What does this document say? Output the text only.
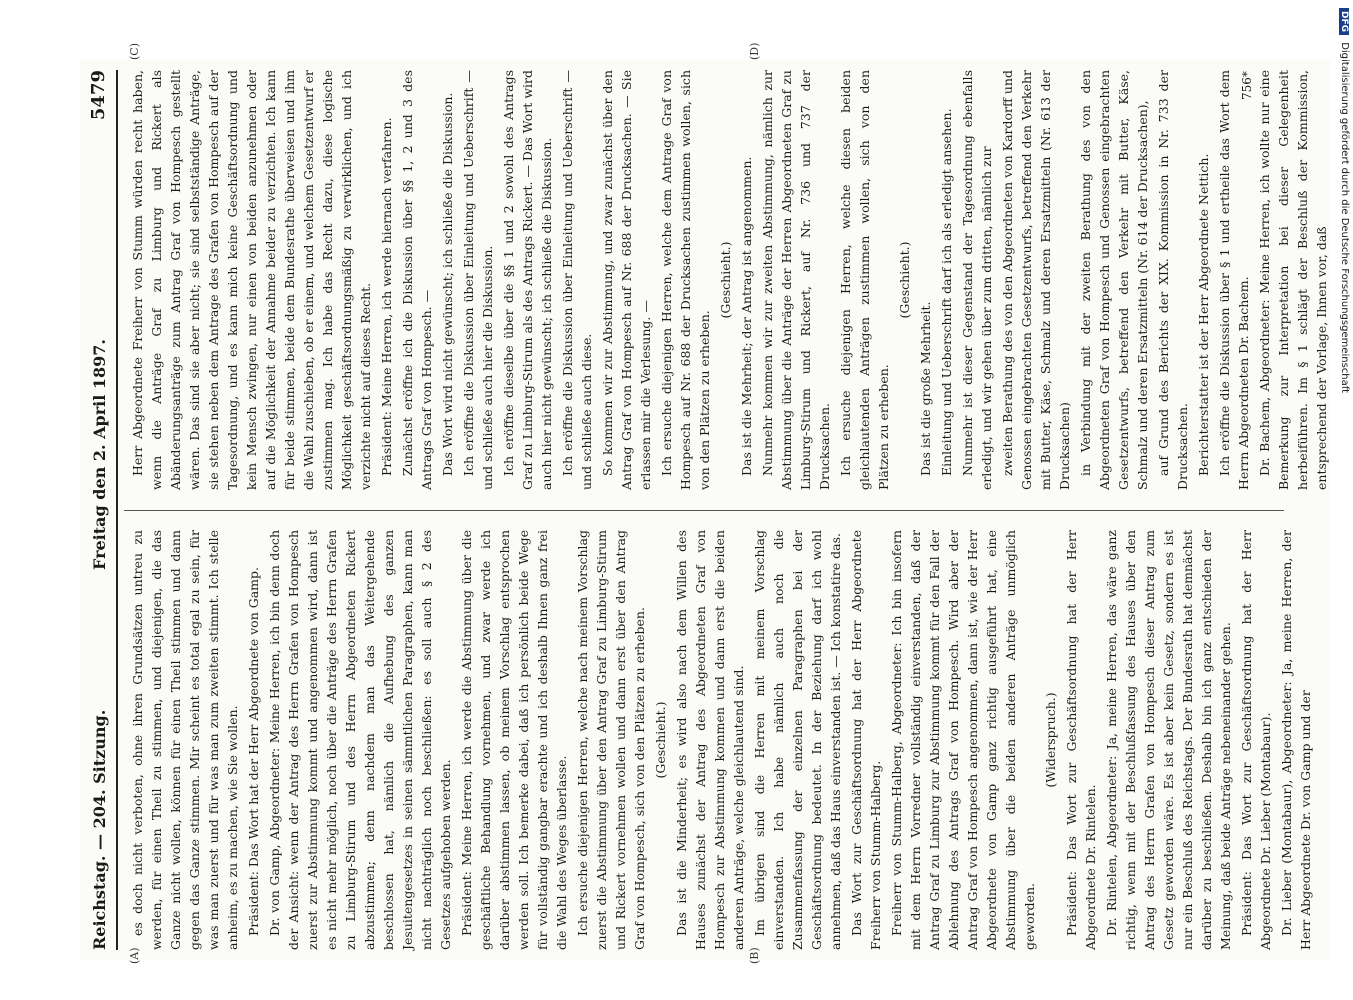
Reichstag. — 204. Sitzung.
Freitag den 2. April 1897.
5479
(A)	(B)
(C)	(D)

es doch nicht verboten, ohne ihren Grundsätzen untreu zu werden, für einen Theil zu stimmen, und diejenigen, die das Ganze nicht wollen, können für einen Theil stimmen und dann gegen das Ganze stimmen. Mir scheint es total egal zu sein, für was man zuerst und für was man zum zweiten stimmt. Ich stelle anheim, es zu machen, wie Sie wollen. Präsident: Das Wort hat der Herr Abgeordnete von Gamp. Dr. von Gamp, Abgeordneter: Meine Herren, ich bin denn doch der Ansicht: wenn der Antrag des Herrn Grafen von Hompesch zuerst zur Abstimmung kommt und angenommen wird, dann ist es nicht mehr möglich, noch über die Anträge des Herrn Grafen zu Limburg-Stirum und des Herrn Abgeordneten Rickert abzustimmen; denn nachdem man das Weitergehende beschlossen hat, nämlich die Aufhebung des ganzen Jesuitengesetzes in seinen sämmtlichen Paragraphen, kann man nicht nachträglich noch beschließen: es soll auch § 2 des Gesetzes aufgehoben werden. Präsident: Meine Herren, ich werde die Abstimmung über die geschäftliche Behandlung vornehmen, und zwar werde ich darüber abstimmen lassen, ob meinem Vorschlag entsprochen werden soll. Ich bemerke dabei, daß ich persönlich beide Wege für vollständig gangbar erachte und ich deshalb Ihnen ganz frei die Wahl des Weges überlasse. Ich ersuche diejenigen Herren, welche nach meinem Vorschlag zuerst die Abstimmung über den Antrag Graf zu Limburg-Stirum und Rickert vornehmen wollen und dann erst über den Antrag Graf von Hompesch, sich von den Plätzen zu erheben. (Geschieht.) Das ist die Minderheit; es wird also nach dem Willen des Hauses zunächst der Antrag des Abgeordneten Graf von Hompesch zur Abstimmung kommen und dann erst die beiden anderen Anträge, welche gleichlautend sind. Im übrigen sind die Herren mit meinem Vorschlag einverstanden. Ich habe nämlich auch noch die Zusammenfassung der einzelnen Paragraphen bei der Geschäftsordnung bedeutet. In der Beziehung darf ich wohl annehmen, daß das Haus einverstanden ist. — Ich konstatire das. Das Wort zur Geschäftsordnung hat der Herr Abgeordnete Freiherr von Stumm-Halberg. Freiherr von Stumm-Halberg, Abgeordneter: Ich bin insofern mit dem Herrn Vorredner vollständig einverstanden, daß der Antrag Graf zu Limburg zur Abstimmung kommt für den Fall der Ablehnung des Antrags Graf von Hompesch. Wird aber der Antrag Graf von Hompesch angenommen, dann ist, wie der Herr Abgeordnete von Gamp ganz richtig ausgeführt hat, eine Abstimmung über die beiden anderen Anträge unmöglich geworden.

(Widerspruch.) Präsident: Das Wort zur Geschäftsordnung hat der Herr Abgeordnete Dr. Rintelen. Dr. Rintelen, Abgeordneter: Ja, meine Herren, das wäre ganz richtig, wenn mit der Beschlußfassung des Hauses über den Antrag des Herrn Grafen von Hompesch dieser Antrag zum Gesetz geworden wäre. Es ist aber kein Gesetz, sondern es ist nur ein Beschluß des Reichstags. Der Bundesrath hat demnächst darüber zu beschließen. Deshalb bin ich ganz entschieden der Meinung, daß beide Anträge nebeneinander gehen. Präsident: Das Wort zur Geschäftsordnung hat der Herr Abgeordnete Dr. Lieber (Montabaur). Dr. Lieber (Montabaur), Abgeordneter: Ja, meine Herren, der Herr Abgeordnete Dr. von Gamp und der

Herr Abgeordnete Freiherr von Stumm würden recht haben, wenn die Anträge Graf zu Limburg und Rickert als Abänderungsanträge zum Antrag Graf von Hompesch gestellt wären. Das sind sie aber nicht; sie sind selbstständige Anträge, sie stehen neben dem Antrage des Grafen von Hompesch auf der Tagesordnung, und es kann mich keine Geschäftsordnung und kein Mensch zwingen, nur einen von beiden anzunehmen oder auf die Möglichkeit der Annahme beider zu verzichten. Ich kann für beide stimmen, beide dem Bundesrathe überweisen und ihm die Wahl zuschieben, ob er einem, und welchem Gesetzentwurf er zustimmen mag. Ich habe das Recht dazu, diese logische Möglichkeit geschäftsordnungsmäßig zu verwirklichen, und ich verzichte nicht auf dieses Recht. Präsident: Meine Herren, ich werde hiernach verfahren. Zunächst eröffne ich die Diskussion über §§ 1, 2 und 3 des Antrags Graf von Hompesch. — Das Wort wird nicht gewünscht; ich schließe die Diskussion. Ich eröffne die Diskussion über Einleitung und Ueberschrift — und schließe auch hier die Diskussion. Ich eröffne dieselbe über die §§ 1 und 2 sowohl des Antrags Graf zu Limburg-Stirum als des Antrags Rickert. — Das Wort wird auch hier nicht gewünscht; ich schließe die Diskussion. Ich eröffne die Diskussion über Einleitung und Ueberschrift — und schließe auch diese. So kommen wir zur Abstimmung, und zwar zunächst über den Antrag Graf von Hompesch auf Nr. 688 der Drucksachen. — Sie erlassen mir die Verlesung. — Ich ersuche diejenigen Herren, welche dem Antrage Graf von Hompesch auf Nr. 688 der Drucksachen zustimmen wollen, sich von den Plätzen zu erheben.

(Geschieht.) Das ist die Mehrheit; der Antrag ist angenommen. Nunmehr kommen wir zur zweiten Abstimmung, nämlich zur Abstimmung über die Anträge der Herren Abgeordneten Graf zu Limburg-Stirum und Rickert, auf Nr. 736 und 737 der Drucksachen. Ich ersuche diejenigen Herren, welche diesen beiden gleichlautenden Anträgen zustimmen wollen, sich von den Plätzen zu erheben.

(Geschieht.)

Das ist die große Mehrheit. Einleitung und Ueberschrift darf ich als erledigt ansehen. Nunmehr ist dieser Gegenstand der Tagesordnung ebenfalls erledigt, und wir gehen über zum dritten, nämlich zur zweiten Berathung des von den Abgeordneten von Kardorff und Genossen eingebrachten Gesetzentwurfs, betreffend den Verkehr mit Butter, Käse, Schmalz und deren Ersatzmitteln (Nr. 613 der Drucksachen) in Verbindung mit der zweiten Berathung des von den Abgeordneten Graf von Hompesch und Genossen eingebrachten Gesetzentwurfs, betreffend den Verkehr mit Butter, Käse, Schmalz und deren Ersatzmitteln (Nr. 614 der Drucksachen), auf Grund des Berichts der XIX. Kommission in Nr. 733 der Drucksachen. Berichterstatter ist der Herr Abgeordnete Nettich. Ich eröffne die Diskussion über § 1 und ertheile das Wort dem Herrn Abgeordneten Dr. Bachem. Dr. Bachem, Abgeordneter: Meine Herren, ich wollte nur eine Bemerkung zur Interpretation bei dieser Gelegenheit herbeiführen. Im § 1 schlägt der Beschluß der Kommission, entsprechend der Vorlage, Ihnen vor, daß

756*
DFG Digitalisierung gefördert durch die Deutsche Forschungsgemeinschaft
